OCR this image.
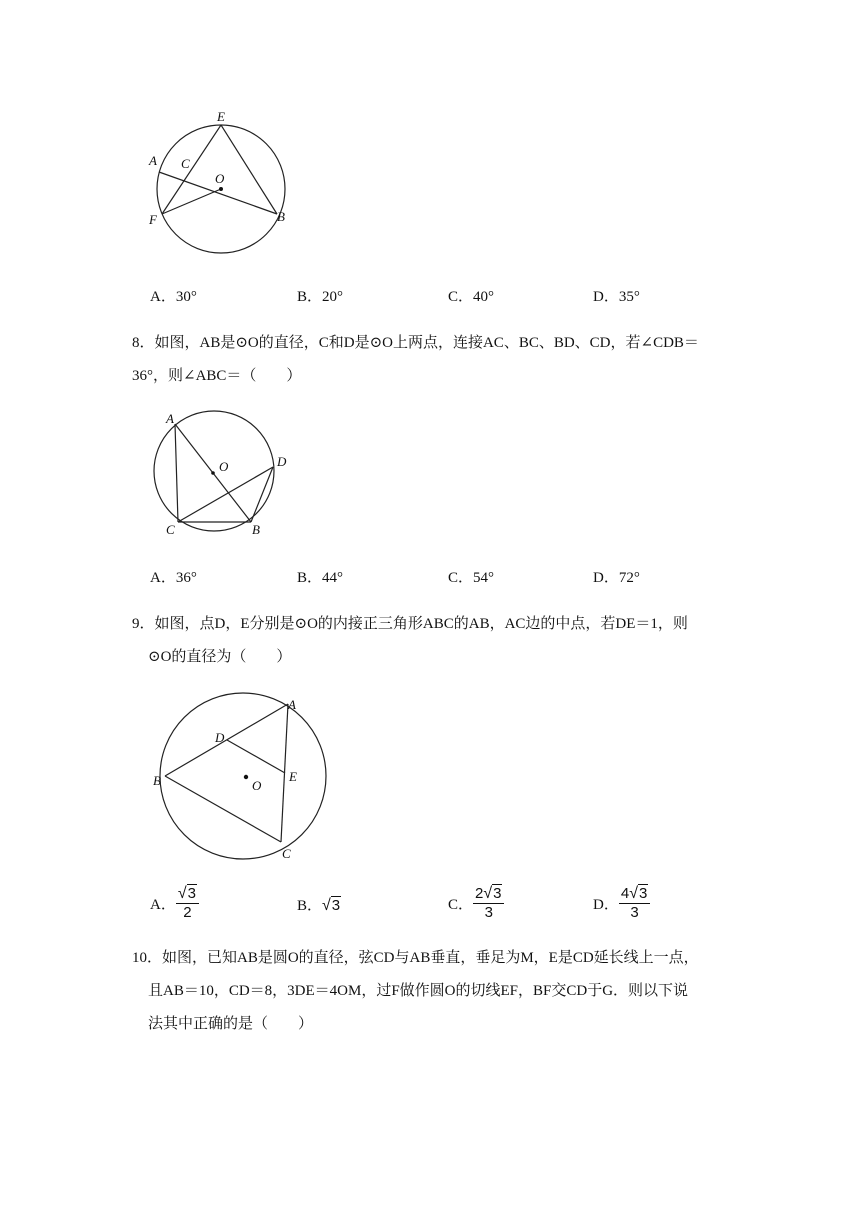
E
A C
O
F	B
A．30°	B．20°	C．40°	D．35°
8．如图，AB是⊙O的直径，C和D是⊙O上两点，连接AC、BC、BD、CD，若∠CDB＝
36°，则∠ABC＝（　　）
A
O	D
C	B
A．36°	B．44°	C．54°	D．72°
9．如图，点D，E分别是⊙O的内接正三角形ABC的AB，AC边的中点，若DE＝1，则
⊙O的直径为（　　）
A
D
B	O
E
C
A． $\frac{√3}{2}$	B．√3	C． $\frac{2√3}{3}$	D． $\frac{4√3}{3}$
10．如图，已知AB是圆O的直径，弦CD与AB垂直，垂足为M，E是CD延长线上一点，
且AB＝10，CD＝8，3DE＝4OM，过F做作圆O的切线EF，BF交CD于G．则以下说
法其中正确的是（　　）
